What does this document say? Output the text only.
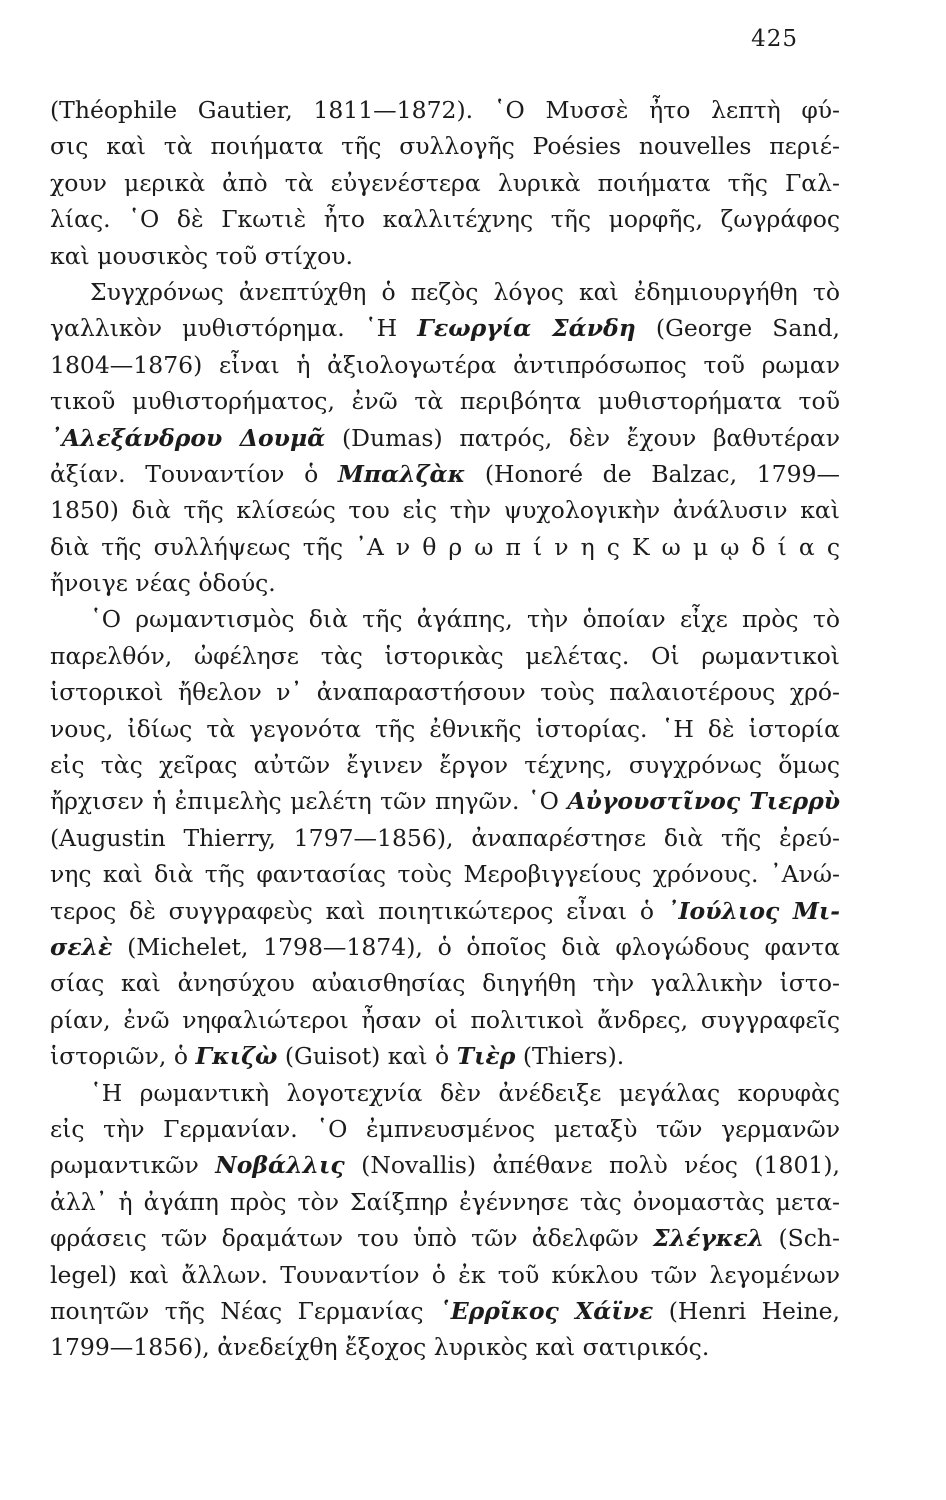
425
(Théophile Gautier, 1811—1872). ῾Ο Μυσσὲ ἦτο λεπτὴ φύ-
σις καὶ τὰ ποιήματα τῆς συλλογῆς Poésies nouvelles περιέ-
χουν μερικὰ ἀπὸ τὰ εὐγενέστερα λυρικὰ ποιήματα τῆς Γαλ-
λίας. ῾Ο δὲ Γκωτιὲ ἦτο καλλιτέχνης τῆς μορφῆς, ζωγράφος
καὶ μουσικὸς τοῦ στίχου.
Συγχρόνως ἀνεπτύχθη ὁ πεζὸς λόγος καὶ ἐδημιουργήθη τὸ
γαλλικὸν μυθιστόρημα. ῾Η Γεωργία Σάνδη (George Sand,
1804—1876) εἶναι ἡ ἀξιολογωτέρα ἀντιπρόσωπος τοῦ ρωμαν
τικοῦ μυθιστορήματος, ἐνῶ τὰ περιβόητα μυθιστορήματα τοῦ
᾿Αλεξάνδρου Δουμᾶ (Dumas) πατρός, δὲν ἔχουν βαθυτέραν
ἀξίαν. Τουναντίον ὁ Μπαλζὰκ (Honoré de Balzac, 1799—
1850) διὰ τῆς κλίσεώς του εἰς τὴν ψυχολογικὴν ἀνάλυσιν καὶ
διὰ τῆς συλλήψεως τῆς ᾿Α ν θ ρ ω π ί ν η ς Κ ω μ ῳ δ ί α ς
ἤνοιγε νέας ὁδούς.
῾Ο ρωμαντισμὸς διὰ τῆς ἀγάπης, τὴν ὁποίαν εἶχε πρὸς τὸ
παρελθόν, ὠφέλησε τὰς ἱστορικὰς μελέτας. Οἱ ρωμαντικοὶ
ἱστορικοὶ ἤθελον ν᾿ ἀναπαραστήσουν τοὺς παλαιοτέρους χρό-
νους, ἰδίως τὰ γεγονότα τῆς ἐθνικῆς ἱστορίας. ῾Η δὲ ἱστορία
εἰς τὰς χεῖρας αὐτῶν ἔγινεν ἔργον τέχνης, συγχρόνως ὅμως
ἤρχισεν ἡ ἐπιμελὴς μελέτη τῶν πηγῶν. ῾Ο Αὐγουστῖνος Τιερρὺ
(Augustin Thierry, 1797—1856), ἀναπαρέστησε διὰ τῆς ἐρεύ-
νης καὶ διὰ τῆς φαντασίας τοὺς Μεροβιγγείους χρόνους. ᾿Ανώ-
τερος δὲ συγγραφεὺς καὶ ποιητικώτερος εἶναι ὁ ᾿Ιούλιος Μι-
σελὲ (Michelet, 1798—1874), ὁ ὁποῖος διὰ φλογώδους φαντα
σίας καὶ ἀνησύχου αὐαισθησίας διηγήθη τὴν γαλλικὴν ἱστο-
ρίαν, ἐνῶ νηφαλιώτεροι ἦσαν οἱ πολιτικοὶ ἄνδρες, συγγραφεῖς
ἱστοριῶν, ὁ Γκιζὼ (Guisot) καὶ ὁ Τιὲρ (Thiers).
῾Η ρωμαντικὴ λογοτεχνία δὲν ἀνέδειξε μεγάλας κορυφὰς
εἰς τὴν Γερμανίαν. ῾Ο ἐμπνευσμένος μεταξὺ τῶν γερμανῶν
ρωμαντικῶν Νοβάλλις (Novallis) ἀπέθανε πολὺ νέος (1801),
ἀλλ᾿ ἡ ἀγάπη πρὸς τὸν Σαίξπηρ ἐγέννησε τὰς ὀνομαστὰς μετα-
φράσεις τῶν δραμάτων του ὑπὸ τῶν ἀδελφῶν Σλέγκελ (Sch-
legel) καὶ ἄλλων. Τουναντίον ὁ ἐκ τοῦ κύκλου τῶν λεγομένων
ποιητῶν τῆς Νέας Γερμανίας ῾Ερρῖκος Χάϊνε (Henri Heine,
1799—1856), ἀνεδείχθη ἔξοχος λυρικὸς καὶ σατιρικός.
